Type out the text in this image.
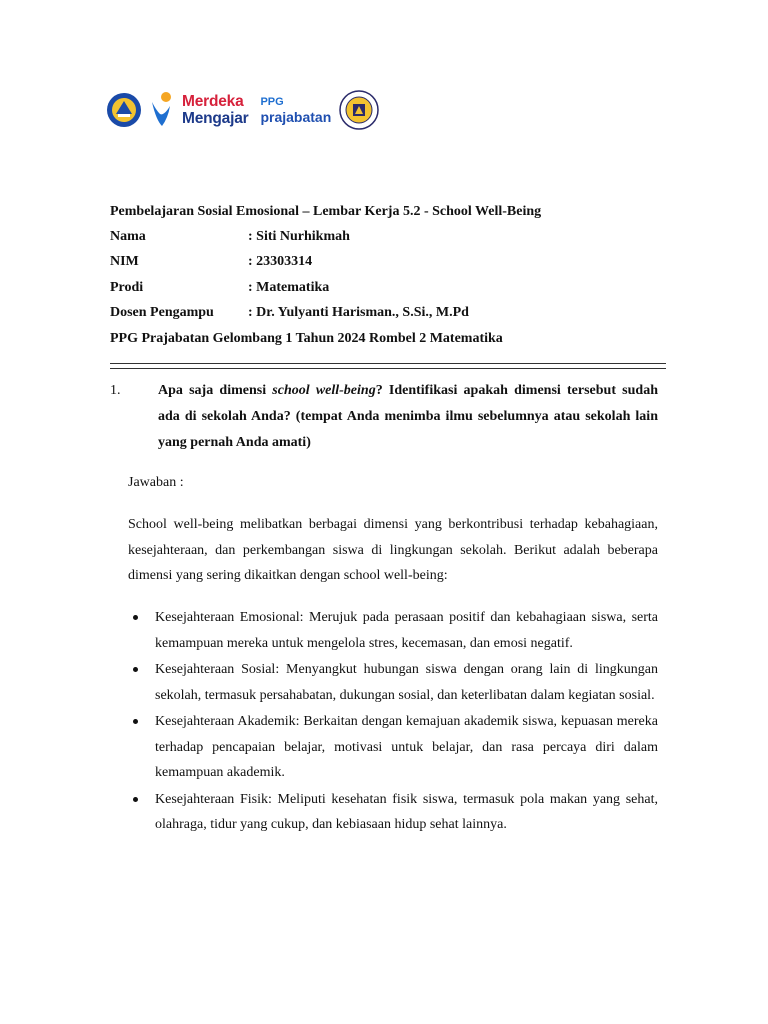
Merdeka
Mengajar
PPG
prajabatan
Pembelajaran Sosial Emosional – Lembar Kerja 5.2 - School Well-Being
Nama	: Siti Nurhikmah
NIM	: 23303314
Prodi	: Matematika
Dosen Pengampu : Dr. Yulyanti Harisman., S.Si., M.Pd
PPG Prajabatan Gelombang 1 Tahun 2024 Rombel 2 Matematika
1.	Apa saja dimensi school well-being? Identifikasi apakah dimensi tersebut sudah ada di sekolah Anda? (tempat Anda menimba ilmu sebelumnya atau sekolah lain yang pernah Anda amati)
Jawaban :
School well-being melibatkan berbagai dimensi yang berkontribusi terhadap kebahagiaan, kesejahteraan, dan perkembangan siswa di lingkungan sekolah. Berikut adalah beberapa dimensi yang sering dikaitkan dengan school well-being:
Kesejahteraan Emosional: Merujuk pada perasaan positif dan kebahagiaan siswa, serta kemampuan mereka untuk mengelola stres, kecemasan, dan emosi negatif.
Kesejahteraan Sosial: Menyangkut hubungan siswa dengan orang lain di lingkungan sekolah, termasuk persahabatan, dukungan sosial, dan keterlibatan dalam kegiatan sosial.
Kesejahteraan Akademik: Berkaitan dengan kemajuan akademik siswa, kepuasan mereka terhadap pencapaian belajar, motivasi untuk belajar, dan rasa percaya diri dalam kemampuan akademik.
Kesejahteraan Fisik: Meliputi kesehatan fisik siswa, termasuk pola makan yang sehat, olahraga, tidur yang cukup, dan kebiasaan hidup sehat lainnya.
